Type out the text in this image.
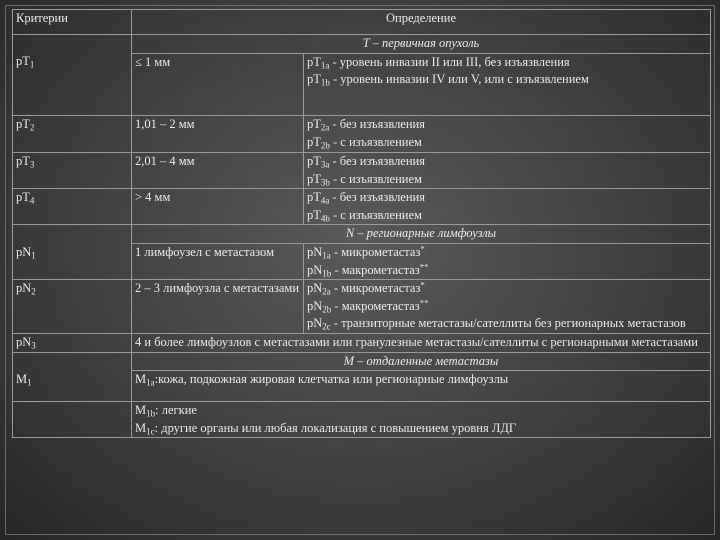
Критерии	Определение	
	T – первичная опухоль	
$pT_1$	≤ 1 мм	$pT_{1a}$ - уровень инвазии II или III, без изъязвления
$pT_{1b}$ - уровень инвазии IV или V, или с изъязвлением

$pT_2$	1,01 – 2 мм	$pT_{2a}$ - без изъязвления
$pT_{2b}$ - с изъязвлением

$pT_3$	2,01 – 4 мм	$pT_{3a}$ - без изъязвления
$pT_{3b}$ - с изъязвлением

$pT_4$	> 4 мм	$pT_{4a}$ - без изъязвления
$pT_{4b}$ - с изъязвлением

	N – регионарные лимфоузлы	
$pN_1$	1 лимфоузел с метастазом	$pN_{1a}$ - микрометастаз*
$pN_{1b}$ - макрометастаз**

$pN_2$	2 – 3 лимфоузла с метастазами	$pN_{2a}$ - микрометастаз*
$pN_{2b}$ - макрометастаз**
$pN_{2c}$ - транзиторные метастазы/сателлиты без регионарных метастазов

$pN_3$	4 и более лимфоузлов с метастазами или гранулезные метастазы/сателлиты с регионарными метастазами	
	M – отдаленные метастазы	
$M_1$	$M_{1a}:кожа$, подкожная жировая клетчатка или регионарные лимфоузлы	

	$M_{1b}$: легкие
$M_{1c}$: другие органы или любая локализация с повышением уровня ЛДГ	
